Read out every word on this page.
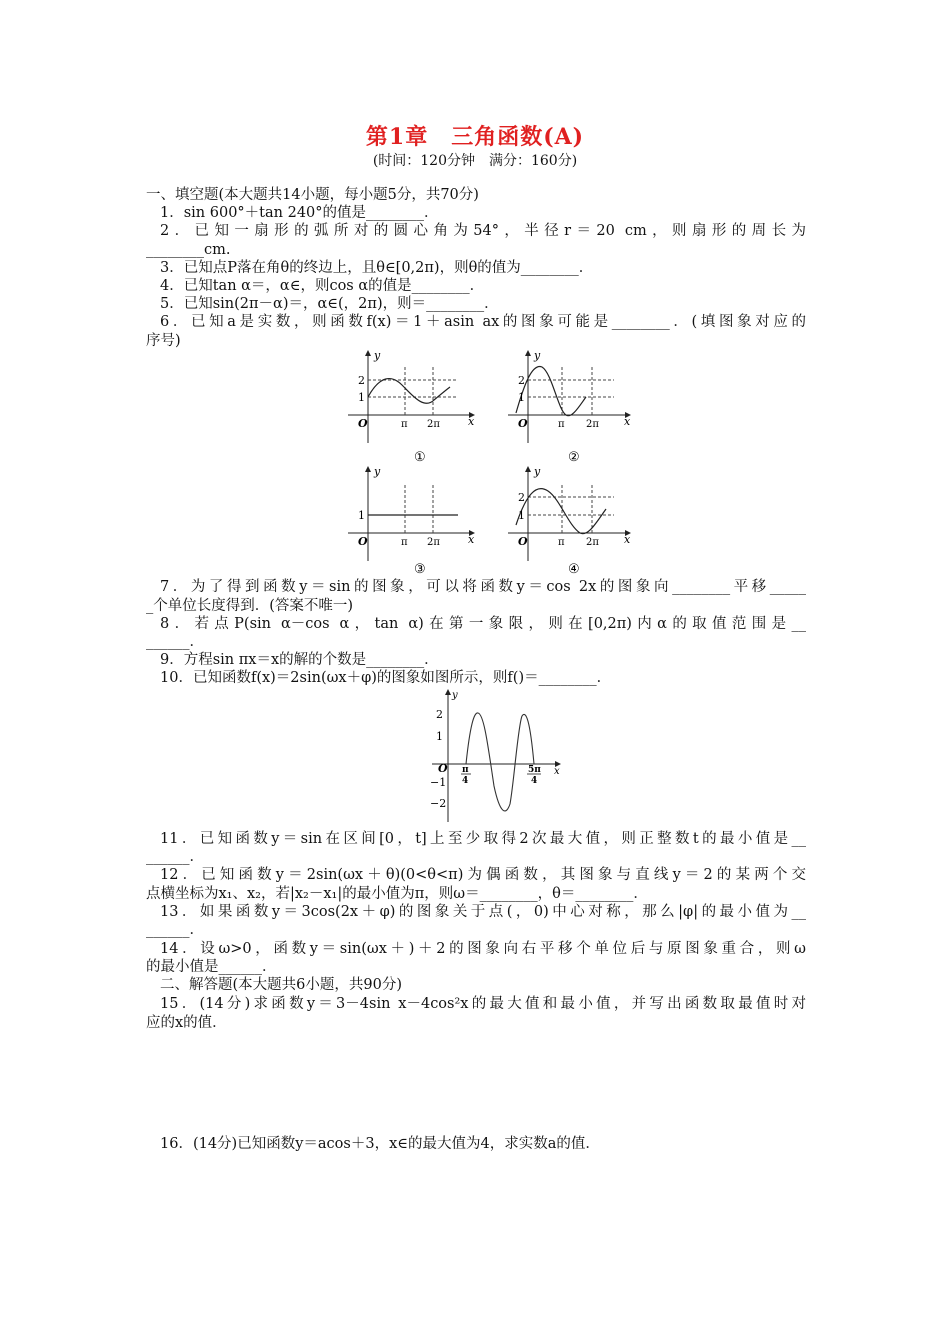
第1章　三角函数(A)
(时间：120分钟　满分：160分)
一、填空题(本大题共14小题，每小题5分，共70分)
1．sin 600°＋tan 240°的值是________．
2．已知一扇形的弧所对的圆心角为54°，半径r＝20 cm，则扇形的周长为
________cm.
3．已知点P落在角θ的终边上，且θ∈[0,2π)，则θ的值为________．
4．已知tan α＝，α∈，则cos α的值是________．
5．已知sin(2π－α)＝，α∈(，2π)，则＝________．
6．已知a是实数，则函数f(x)＝1＋asin ax的图象可能是________．(填图象对应的
序号)
y
x
O
2
1
π 2π
①
y
x
O
2
1
π 2π
②
y
x
O
1
π 2π
③
y
x
O
2
1
π 2π
④
7．为了得到函数y＝sin的图象，可以将函数y＝cos 2x的图象向________平移_____
_个单位长度得到．(答案不唯一)
8．若点P(sin α－cos α，tan α)在第一象限，则在[0,2π)内α的取值范围是__
______．
9．方程sin πx＝x的解的个数是________．
10．已知函数f(x)＝2sin(ωx＋φ)的图象如图所示，则f()＝________．
y
x
2
1
O
−1
−2
π
4
5π
4
11．已知函数y＝sin在区间[0，t]上至少取得2次最大值，则正整数t的最小值是__
______．
12．已知函数y＝2sin(ωx＋θ)(0<θ<π)为偶函数，其图象与直线y＝2的某两个交
点横坐标为x₁、x₂，若|x₂－x₁|的最小值为π，则ω＝________，θ＝________．
13．如果函数y＝3cos(2x＋φ)的图象关于点(，0)中心对称，那么|φ|的最小值为__
______．
14．设ω>0，函数y＝sin(ωx＋)＋2的图象向右平移个单位后与原图象重合，则ω
的最小值是______．
二、解答题(本大题共6小题，共90分)
15．(14分)求函数y＝3－4sin x－4cos²x的最大值和最小值，并写出函数取最值时对
应的x的值．
16．(14分)已知函数y＝acos＋3，x∈的最大值为4，求实数a的值．
